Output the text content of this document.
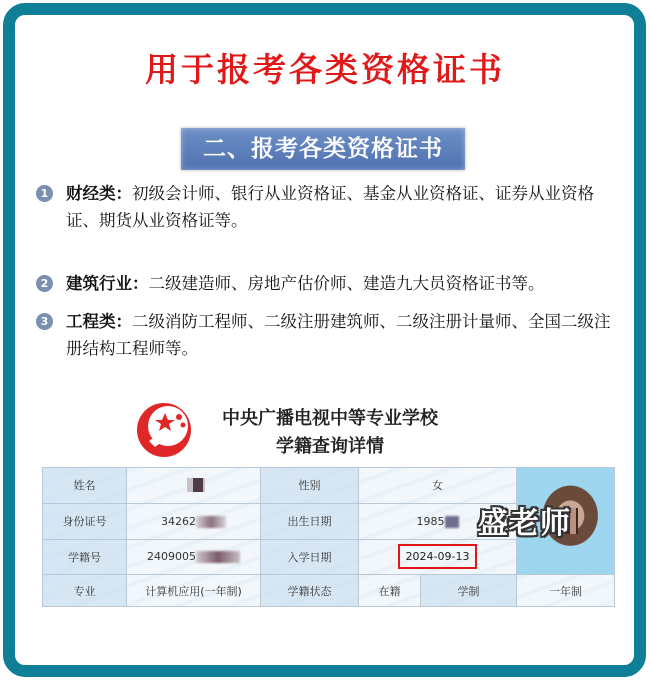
用于报考各类资格证书
二、报考各类资格证书
1 财经类：初级会计师、银行从业资格证、基金从业资格证、证券从业资格证、期货从业资格证等。
2 建筑行业：二级建造师、房地产估价师、建造九大员资格证书等。
3 工程类：二级消防工程师、二级注册建筑师、二级注册计量师、全国二级注册结构工程师等。
中央广播电视中等专业学校
学籍查询详情
姓名		性别	女		

身份证号	34262	出生日期	1985		
学籍号	2409005	入学日期	2024-09-13		
专业	计算机应用(一年制)	学籍状态	在籍	学制	一年制
盛老师
